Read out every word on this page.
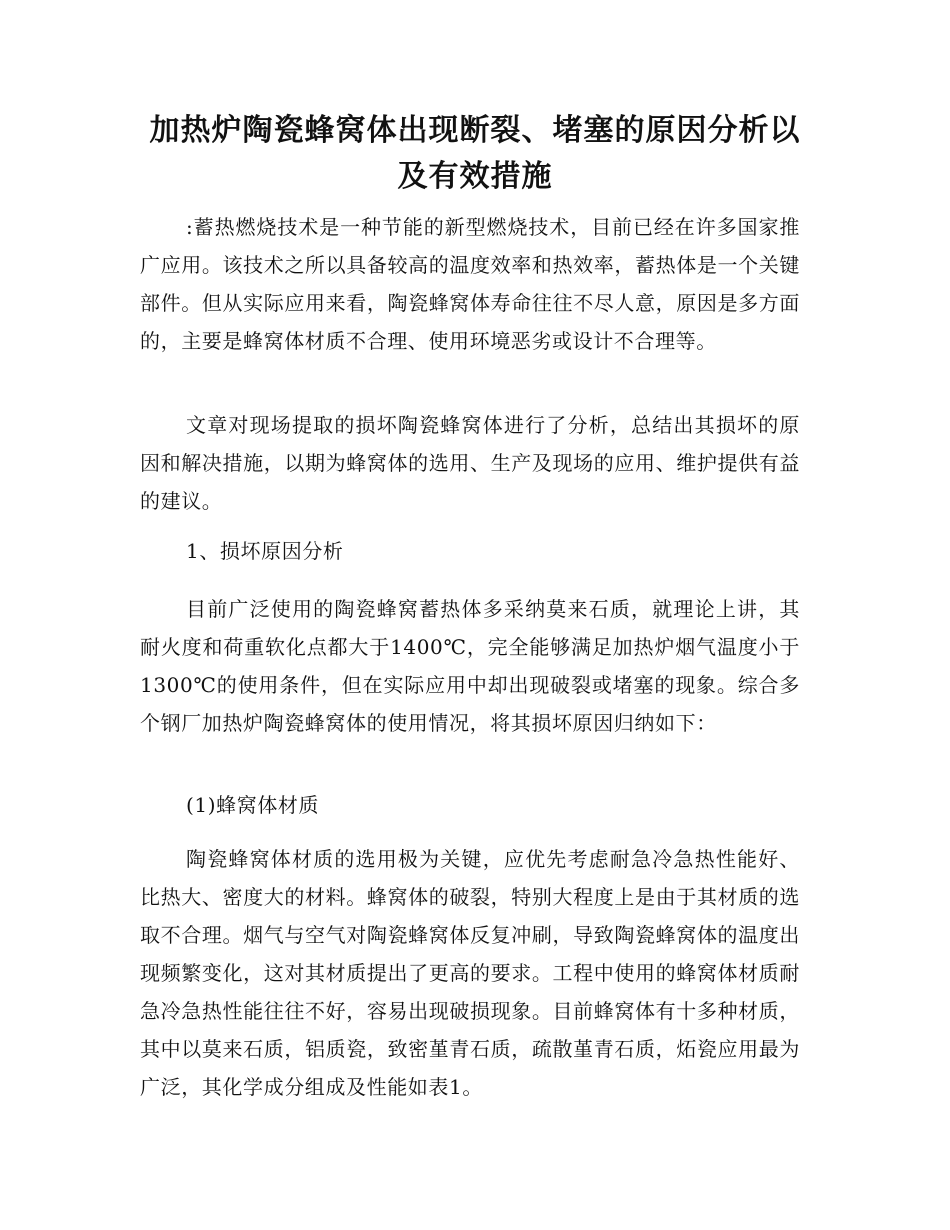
加热炉陶瓷蜂窝体出现断裂、堵塞的原因分析以及有效措施

:蓄热燃烧技术是一种节能的新型燃烧技术，目前已经在许多国家推广应用。该技术之所以具备较高的温度效率和热效率，蓄热体是一个关键部件。但从实际应用来看，陶瓷蜂窝体寿命往往不尽人意，原因是多方面的，主要是蜂窝体材质不合理、使用环境恶劣或设计不合理等。

文章对现场提取的损坏陶瓷蜂窝体进行了分析，总结出其损坏的原因和解决措施，以期为蜂窝体的选用、生产及现场的应用、维护提供有益的建议。

1、损坏原因分析

目前广泛使用的陶瓷蜂窝蓄热体多采纳莫来石质，就理论上讲，其耐火度和荷重软化点都大于1400℃，完全能够满足加热炉烟气温度小于1300℃的使用条件，但在实际应用中却出现破裂或堵塞的现象。综合多个钢厂加热炉陶瓷蜂窝体的使用情况，将其损坏原因归纳如下：

(1)蜂窝体材质

陶瓷蜂窝体材质的选用极为关键，应优先考虑耐急冷急热性能好、比热大、密度大的材料。蜂窝体的破裂，特别大程度上是由于其材质的选取不合理。烟气与空气对陶瓷蜂窝体反复冲刷，导致陶瓷蜂窝体的温度出现频繁变化，这对其材质提出了更高的要求。工程中使用的蜂窝体材质耐急冷急热性能往往不好，容易出现破损现象。目前蜂窝体有十多种材质，其中以莫来石质，铝质瓷，致密堇青石质，疏散堇青石质，炻瓷应用最为广泛，其化学成分组成及性能如表1。
